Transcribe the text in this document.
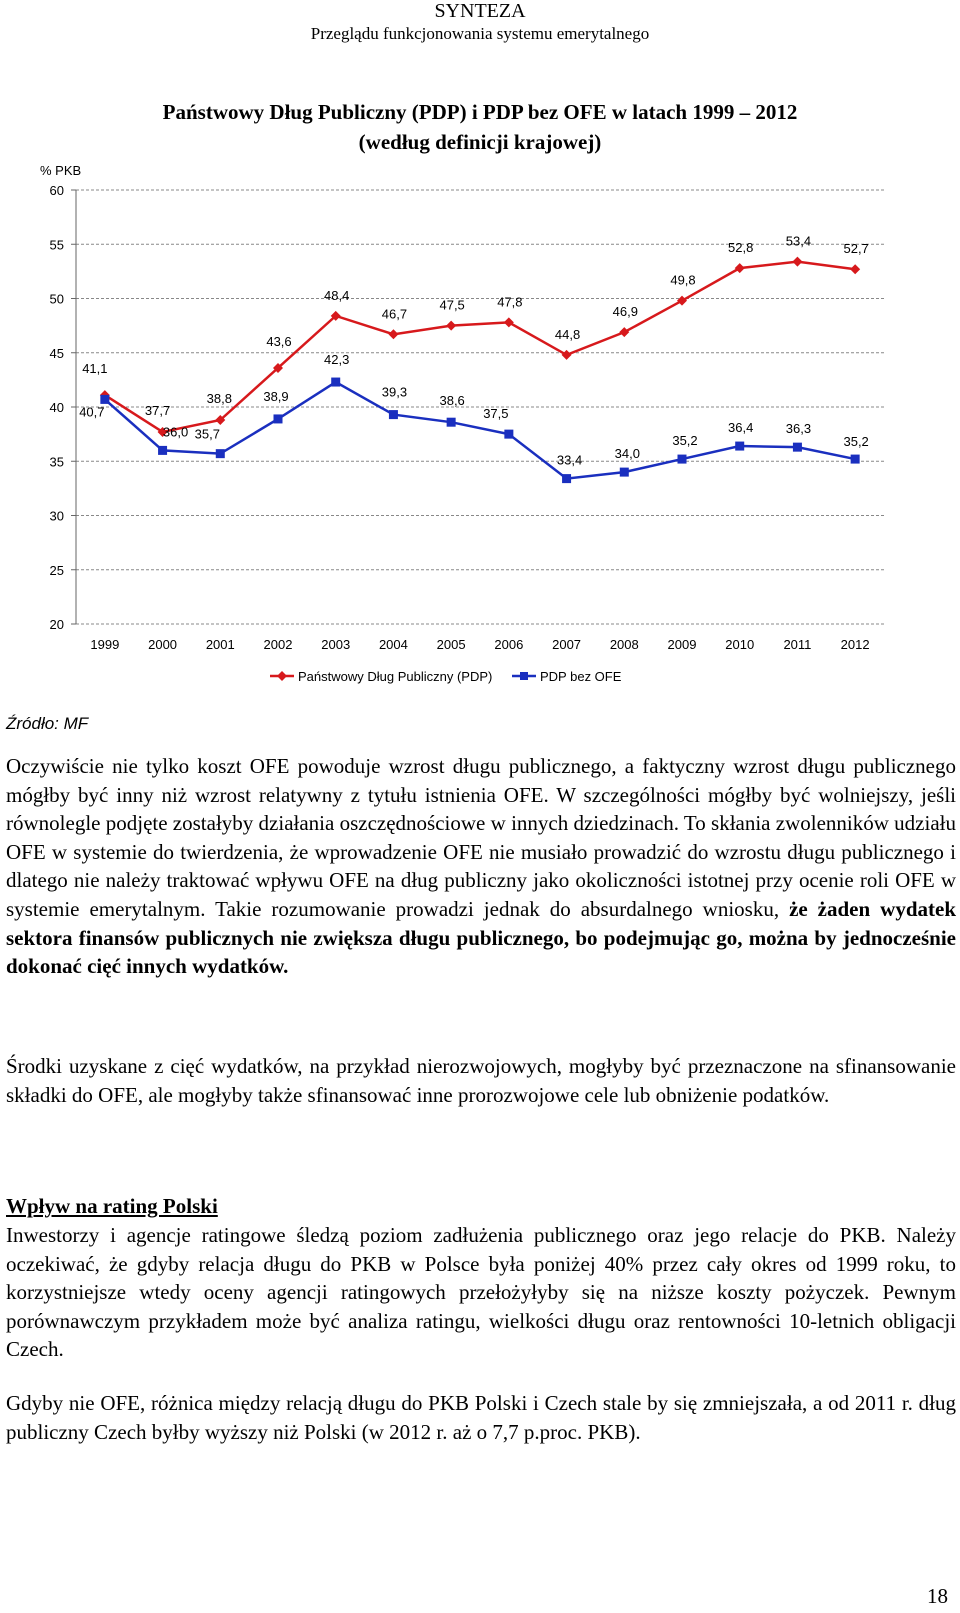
SYNTEZA
Przeglądu funkcjonowania systemu emerytalnego
Państwowy Dług Publiczny (PDP) i PDP bez OFE w latach 1999 – 2012
(według definicji krajowej)
% PKB
20
25
30
35
40
45
50
55
60
1999 2000 2001 2002 2003 2004 2005 2006 2007 2008 2009 2010 2011 2012
41,1
37,7
38,8
43,6
48,4
46,7
47,5 47,8
44,8
46,9
49,8
52,8 53,4
52,7
40,7
36,0 35,7
38,9
42,3
39,3
38,6
37,5
33,4 34,0
35,2
36,4 36,3
35,2
Państwowy Dług Publiczny (PDP)	PDP bez OFE
Źródło: MF

Oczywiście nie tylko koszt OFE powoduje wzrost długu publicznego, a faktyczny wzrost długu publicznego mógłby być inny niż wzrost relatywny z tytułu istnienia OFE. W szczególności mógłby być wolniejszy, jeśli równolegle podjęte zostałyby działania oszczędnościowe w innych dziedzinach. To skłania zwolenników udziału OFE w systemie do twierdzenia, że wprowadzenie OFE nie musiało prowadzić do wzrostu długu publicznego i dlatego nie należy traktować wpływu OFE na dług publiczny jako okoliczności istotnej przy ocenie roli OFE w systemie emerytalnym. Takie rozumowanie prowadzi jednak do absurdalnego wniosku, że żaden wydatek sektora finansów publicznych nie zwiększa długu publicznego, bo podejmując go, można by jednocześnie dokonać cięć innych wydatków.

Środki uzyskane z cięć wydatków, na przykład nierozwojowych, mogłyby być przeznaczone na sfinansowanie składki do OFE, ale mogłyby także sfinansować inne prorozwojowe cele lub obniżenie podatków.

Wpływ na rating Polski

Inwestorzy i agencje ratingowe śledzą poziom zadłużenia publicznego oraz jego relacje do PKB. Należy oczekiwać, że gdyby relacja długu do PKB w Polsce była poniżej 40% przez cały okres od 1999 roku, to korzystniejsze wtedy oceny agencji ratingowych przełożyłyby się na niższe koszty pożyczek. Pewnym porównawczym przykładem może być analiza ratingu, wielkości długu oraz rentowności 10-letnich obligacji Czech.

Gdyby nie OFE, różnica między relacją długu do PKB Polski i Czech stale by się zmniejszała, a od 2011 r. dług publiczny Czech byłby wyższy niż Polski (w 2012 r. aż o 7,7 p.proc. PKB).

18
